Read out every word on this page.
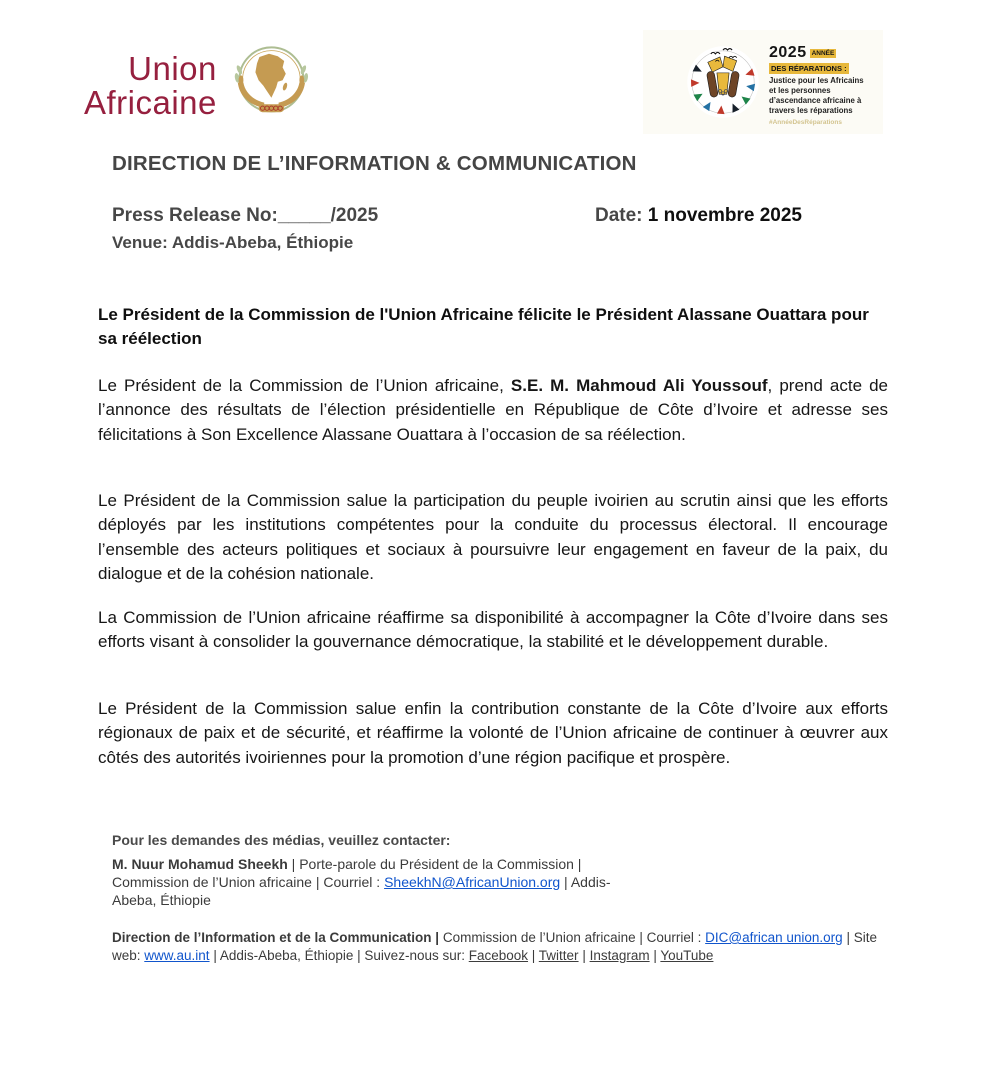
Union
Africaine
2025 ANNÉE
DES RÉPARATIONS :
Justice pour les Africains
et les personnes
d’ascendance africaine à
travers les réparations
#AnnéeDesRéparations
DIRECTION DE L’INFORMATION & COMMUNICATION
Press Release No:_____/2025	Date: 1 novembre 2025
Venue: Addis-Abeba, Éthiopie
Le Président de la Commission de l'Union Africaine félicite le Président Alassane Ouattara pour sa réélection
Le Président de la Commission de l’Union africaine, S.E. M. Mahmoud Ali Youssouf, prend acte de l’annonce des résultats de l’élection présidentielle en République de Côte d’Ivoire et adresse ses félicitations à Son Excellence Alassane Ouattara à l’occasion de sa réélection.
Le Président de la Commission salue la participation du peuple ivoirien au scrutin ainsi que les efforts déployés par les institutions compétentes pour la conduite du processus électoral. Il encourage l’ensemble des acteurs politiques et sociaux à poursuivre leur engagement en faveur de la paix, du dialogue et de la cohésion nationale.
La Commission de l’Union africaine réaffirme sa disponibilité à accompagner la Côte d’Ivoire dans ses efforts visant à consolider la gouvernance démocratique, la stabilité et le développement durable.
Le Président de la Commission salue enfin la contribution constante de la Côte d’Ivoire aux efforts régionaux de paix et de sécurité, et réaffirme la volonté de l’Union africaine de continuer à œuvrer aux côtés des autorités ivoiriennes pour la promotion d’une région pacifique et prospère.
Pour les demandes des médias, veuillez contacter:
M. Nuur Mohamud Sheekh | Porte-parole du Président de la Commission | Commission de l’Union africaine | Courriel : SheekhN@AfricanUnion.org | Addis-Abeba, Éthiopie
Direction de l’Information et de la Communication | Commission de l’Union africaine | Courriel : DIC@african union.org | Site web: www.au.int | Addis-Abeba, Éthiopie | Suivez-nous sur: Facebook | Twitter | Instagram | YouTube
